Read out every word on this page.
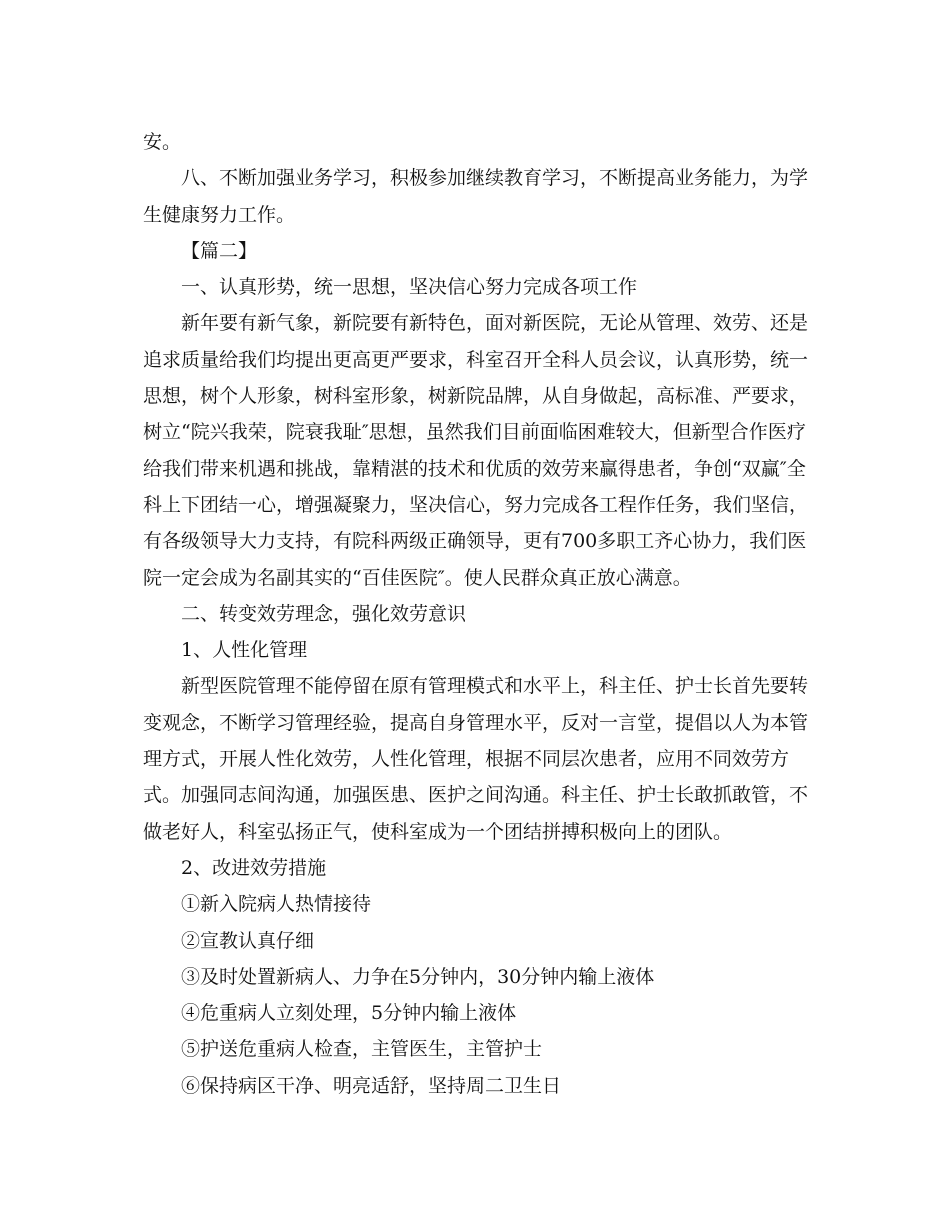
安。

八、不断加强业务学习，积极参加继续教育学习，不断提高业务能力，为学

生健康努力工作。

【篇二】

一、认真形势，统一思想，坚决信心努力完成各项工作

新年要有新气象，新院要有新特色，面对新医院，无论从管理、效劳、还是

追求质量给我们均提出更高更严要求，科室召开全科人员会议，认真形势，统一

思想，树个人形象，树科室形象，树新院品牌，从自身做起，高标准、严要求，

树立“院兴我荣，院衰我耻″思想，虽然我们目前面临困难较大，但新型合作医疗

给我们带来机遇和挑战，靠精湛的技术和优质的效劳来赢得患者，争创“双赢″全

科上下团结一心，增强凝聚力，坚决信心，努力完成各工程作任务，我们坚信，

有各级领导大力支持，有院科两级正确领导，更有700多职工齐心协力，我们医

院一定会成为名副其实的“百佳医院″。使人民群众真正放心满意。

二、转变效劳理念，强化效劳意识

1、人性化管理

新型医院管理不能停留在原有管理模式和水平上，科主任、护士长首先要转

变观念，不断学习管理经验，提高自身管理水平，反对一言堂，提倡以人为本管

理方式，开展人性化效劳，人性化管理，根据不同层次患者，应用不同效劳方

式。加强同志间沟通，加强医患、医护之间沟通。科主任、护士长敢抓敢管，不

做老好人，科室弘扬正气，使科室成为一个团结拼搏积极向上的团队。

2、改进效劳措施

①新入院病人热情接待

②宣教认真仔细

③及时处置新病人、力争在5分钟内，30分钟内输上液体

④危重病人立刻处理，5分钟内输上液体

⑤护送危重病人检查，主管医生，主管护士

⑥保持病区干净、明亮适舒，坚持周二卫生日
